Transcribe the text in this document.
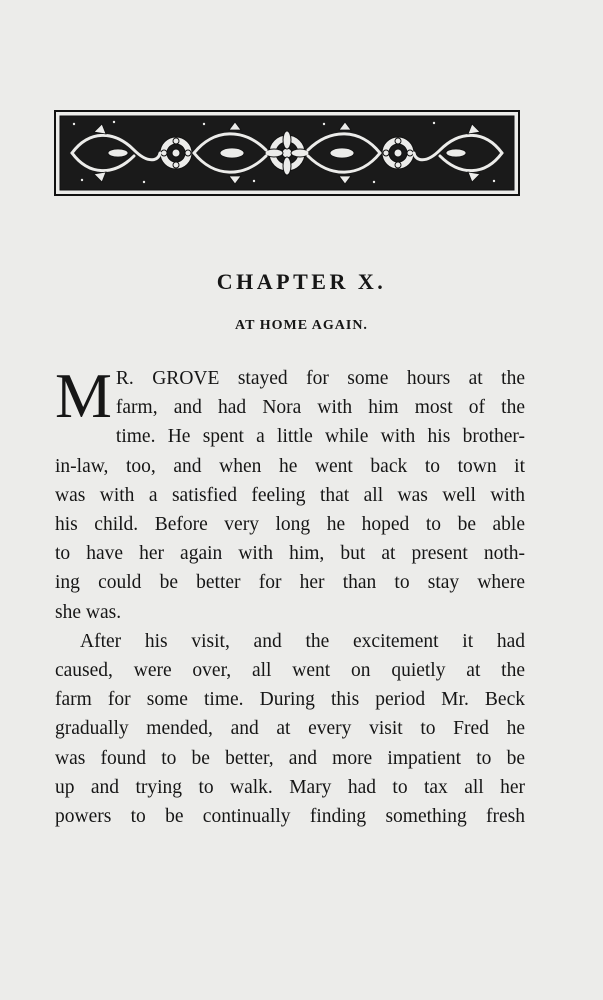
CHAPTER X.
AT HOME AGAIN.

M R. GROVE stayed for some hours at the
farm, and had Nora with him most of the
time. He spent a little while with his brother-
in-law, too, and when he went back to town it
was with a satisfied feeling that all was well with
his child. Before very long he hoped to be able
to have her again with him, but at present noth-
ing could be better for her than to stay where
she was.

After his visit, and the excitement it had
caused, were over, all went on quietly at the
farm for some time. During this period Mr. Beck
gradually mended, and at every visit to Fred he
was found to be better, and more impatient to be
up and trying to walk. Mary had to tax all her
powers to be continually finding something fresh
